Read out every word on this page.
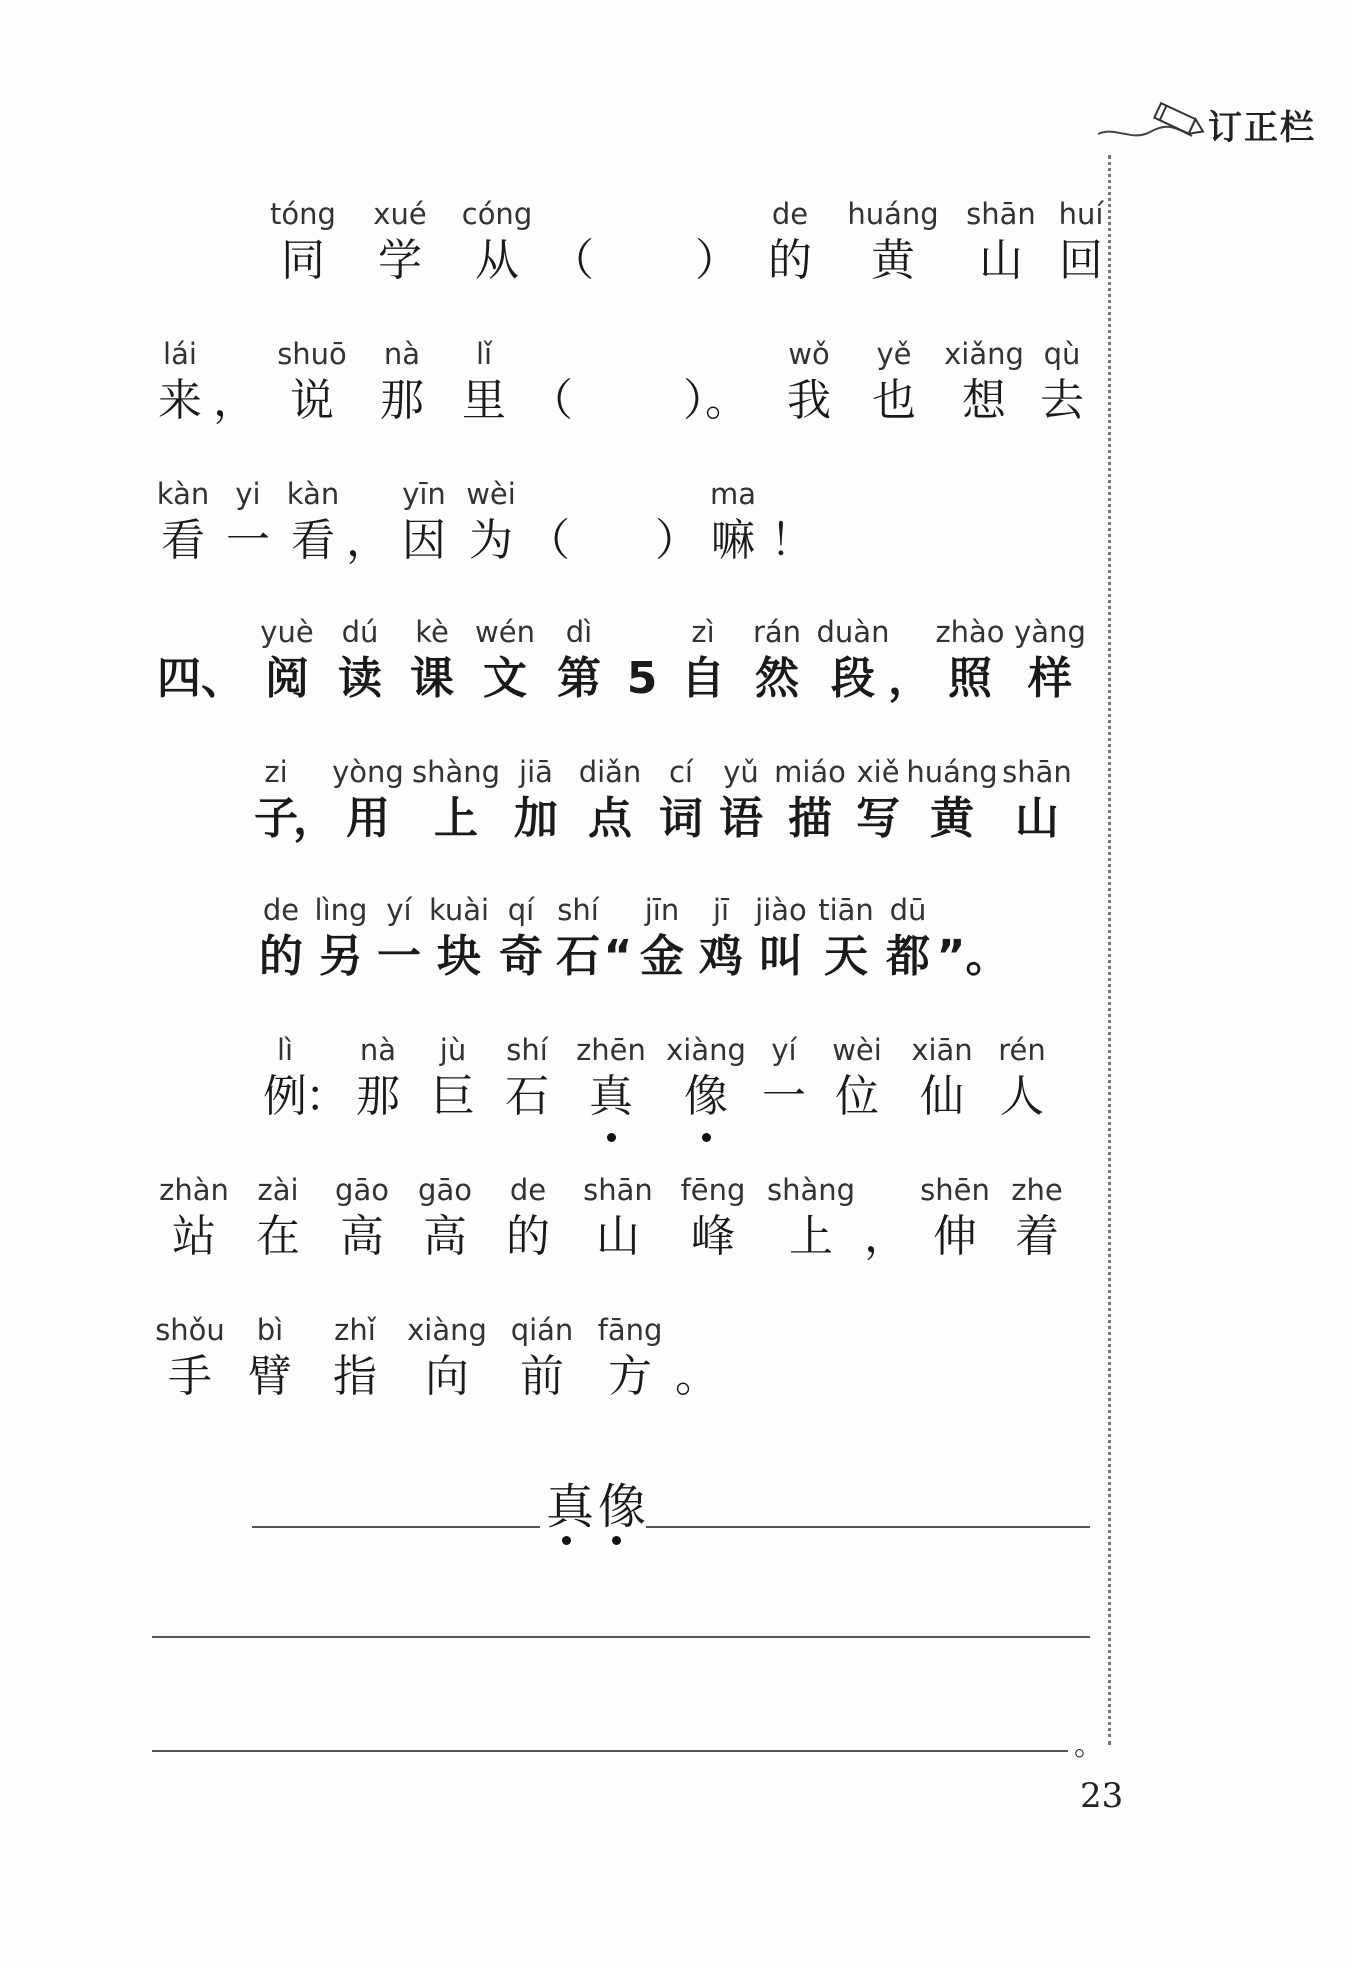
订正栏
tóng
同
xué
学
cóng
从 （
　 ）
de
的
huáng
黄
shān
山
huí
回
lái
来 ，
shuō
说
nà
那
lǐ
里 （
　	）。
wǒ
我
yě
也
xiǎng
想
qù
去
kàn
看
yi
一
kàn
看 ，
yīn
因
wèi
为 （
　 ）
ma
嘛 ！
四、
yuè
阅
dú
读
kè
课
wén
文
dì
第 5
zì
自
rán
然
duàn
段 ，
zhào
照
yàng
样
zi
子
，
yòng
用
shàng
上
jiā
加
diǎn
点
cí
词
yǔ
语
miáo
描
xiě
写
huáng
黄
shān
山
de
的
lìng
另
yí
一
kuài
块
qí
奇
shí
石 “
jīn
金
jī
鸡
jiào
叫
tiān
天
dū
都 ”。
lì
例
：
nà
那
jù
巨
shí
石
zhēn
真
xiàng
像
yí
一
wèi
位
xiān
仙
rén
人
zhàn
站
zài
在
gāo
高
gāo
高
de
的
shān
山
fēng
峰
shàng
上 ，
shēn
伸
zhe
着
shǒu
手
bì
臂
zhǐ
指
xiàng
向
qián
前
fāng
方 。
真像
。
23
